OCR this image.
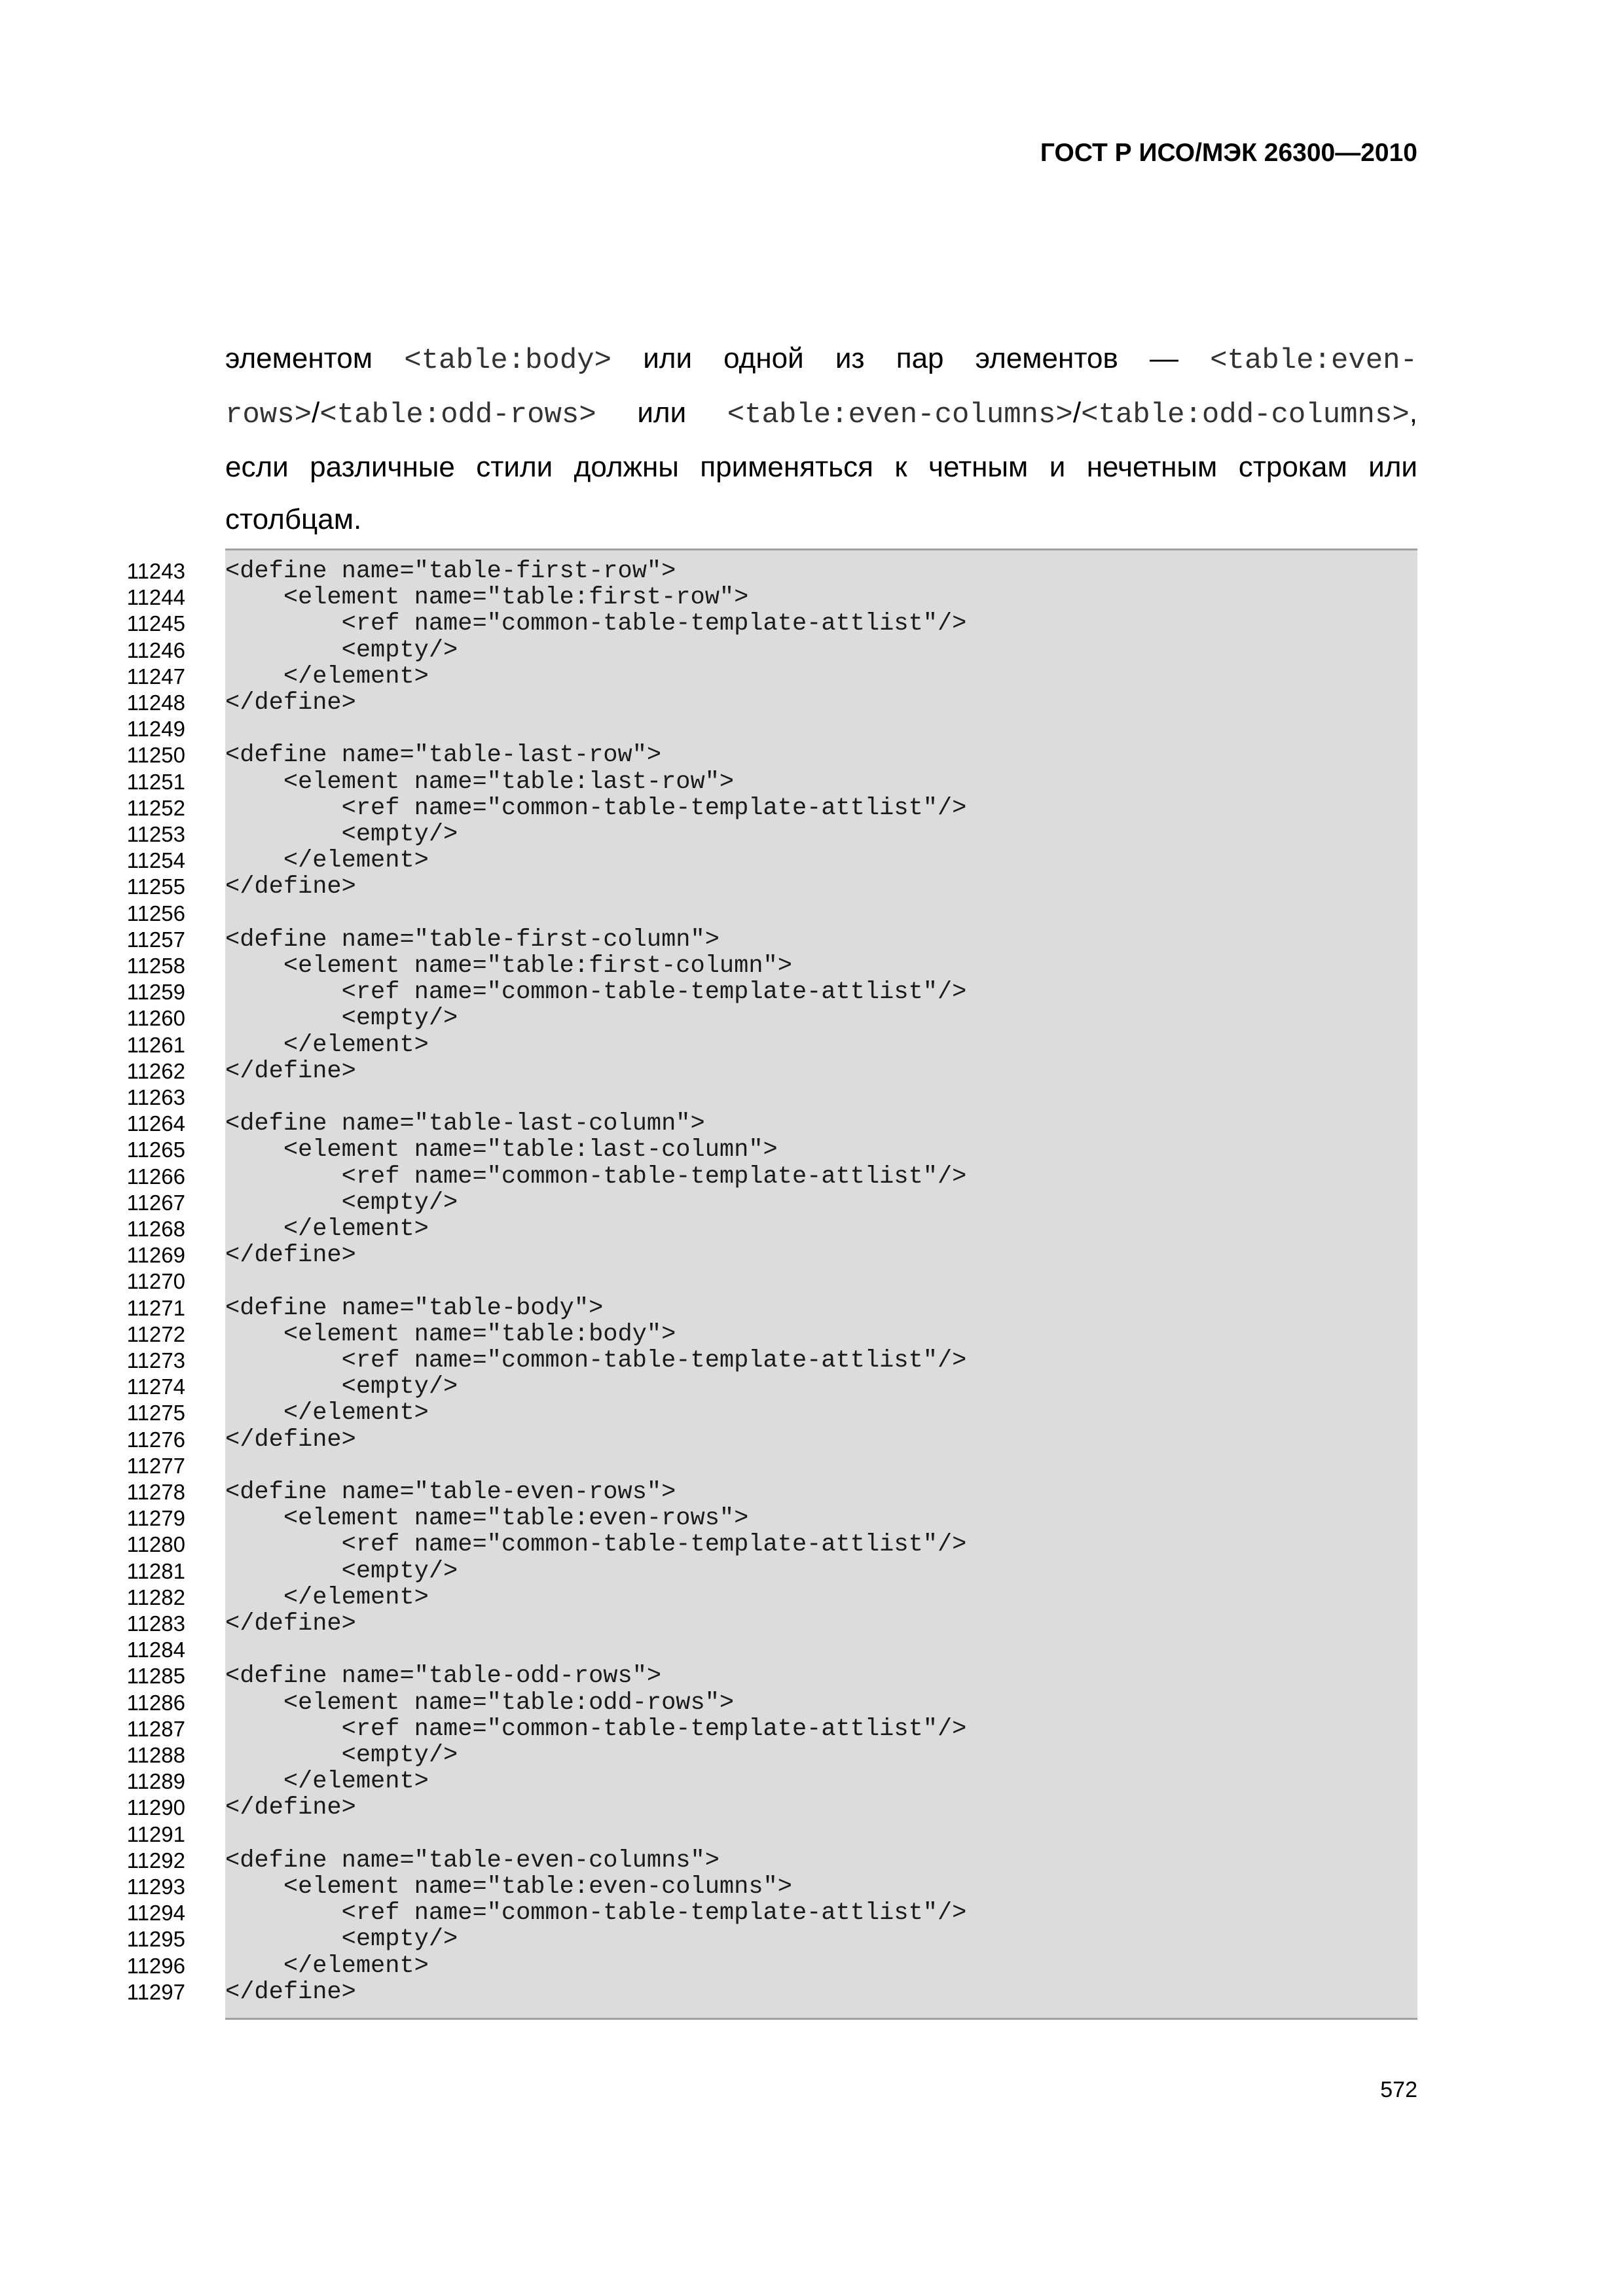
ГОСТ Р ИСО/МЭК 26300—2010
элементом <table:body> или одной из пар элементов — <table:even-
rows>/<table:odd-rows> или <table:even-columns>/<table:odd-columns>,
если различные стили должны применяться к четным и нечетным строкам или
столбцам.
11243 <define name="table-first-row">
11244 <element name="table:first-row">
11245 <ref name="common-table-template-attlist"/>
11246 <empty/>
11247 </element>
11248 </define>
11249
11250 <define name="table-last-row">
11251 <element name="table:last-row">
11252 <ref name="common-table-template-attlist"/>
11253 <empty/>
11254 </element>
11255 </define>
11256
11257 <define name="table-first-column">
11258 <element name="table:first-column">
11259 <ref name="common-table-template-attlist"/>
11260 <empty/>
11261 </element>
11262 </define>
11263
11264 <define name="table-last-column">
11265 <element name="table:last-column">
11266 <ref name="common-table-template-attlist"/>
11267 <empty/>
11268 </element>
11269 </define>
11270
11271 <define name="table-body">
11272 <element name="table:body">
11273 <ref name="common-table-template-attlist"/>
11274 <empty/>
11275 </element>
11276 </define>
11277
11278 <define name="table-even-rows">
11279 <element name="table:even-rows">
11280 <ref name="common-table-template-attlist"/>
11281 <empty/>
11282 </element>
11283 </define>
11284
11285 <define name="table-odd-rows">
11286 <element name="table:odd-rows">
11287 <ref name="common-table-template-attlist"/>
11288 <empty/>
11289 </element>
11290 </define>
11291
11292 <define name="table-even-columns">
11293 <element name="table:even-columns">
11294 <ref name="common-table-template-attlist"/>
11295 <empty/>
11296 </element>
11297 </define>
572
